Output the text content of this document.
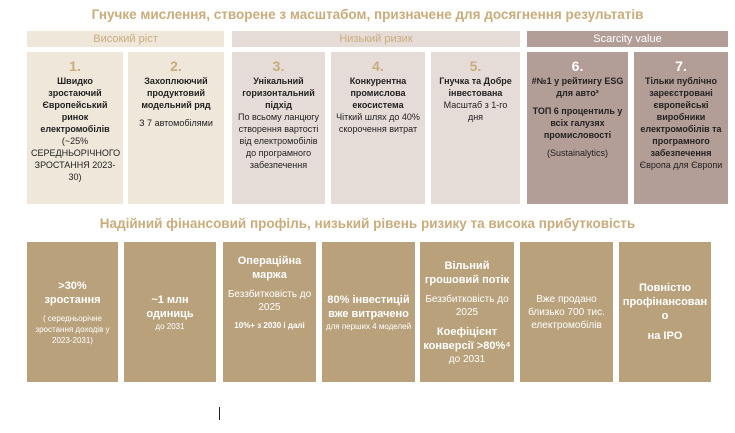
Гнучке мислення, створене з масштабом, призначене для досягнення результатів
Високий ріст	Низький ризик	Scarcity value
1.
Швидко зростаючий Європейський ринок електромобілів
(~25% СЕРЕДНЬОРІЧНОГО ЗРОСТАННЯ 2023-30)
2.
Захоплюючий продуктовий модельний ряд
З 7 автомобілями
3.
Унікальний горизонтальний підхід
По всьому ланцюгу створення вартості від електромобілів до програмного забезпечення
4.
Конкурентна промислова екосистема
Чіткий шлях до 40% скорочення витрат
5.
Гнучка та Добре інвестована
Масштаб з 1-го дня
6.
#№1 у рейтингу ESG для авто³
ТОП 6 процентиль у всіх галузях промисловості
(Sustainalytics)
7.
Тільки публічно зареєстровані європейські виробники електромобілів та програмного забезпечення
Європа для Європи
Надійний фінансовий профіль, низький рівень ризику та висока прибутковість
>30% зростання
( середньорічне зростання доходів у 2023-2031)
~1 млн одиниць
до 2031
Операційна маржа
Беззбитковість до 2025
10%+ з 2030 і далі
80% інвестицій вже витрачено
для перших 4 моделей
Вільний грошовий потік
Беззбитковість до 2025
Коефіцієнт конверсії >80%⁴
до 2031
Вже продано близько 700 тис. електромобілів
Повністю профінансован о
на IPO
